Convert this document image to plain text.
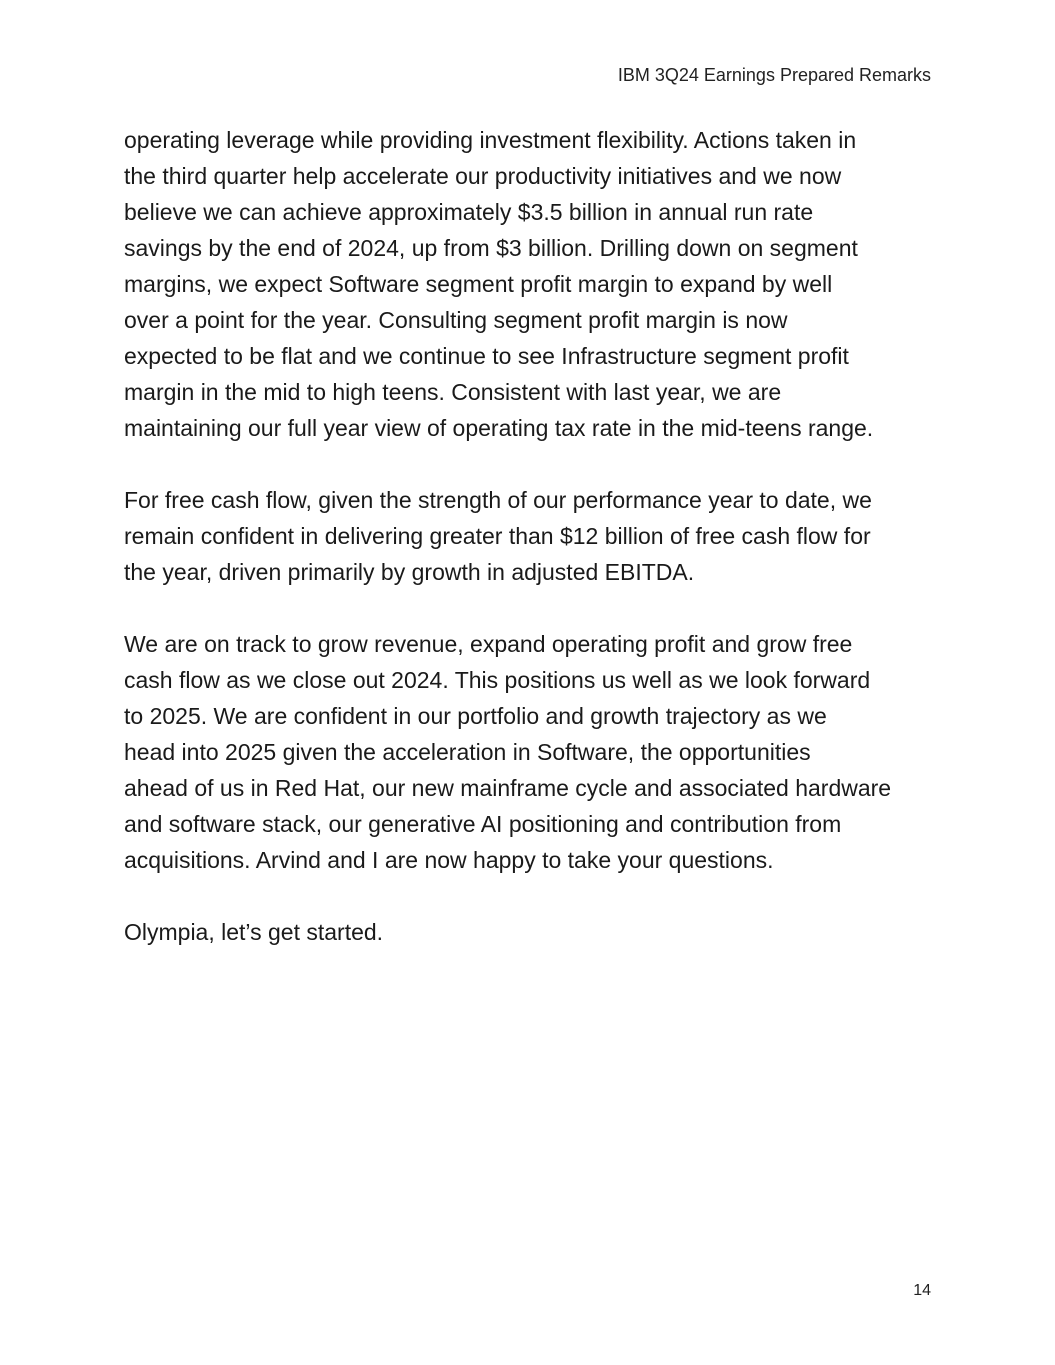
IBM 3Q24 Earnings Prepared Remarks

operating leverage while providing investment flexibility. Actions taken in
the third quarter help accelerate our productivity initiatives and we now
believe we can achieve approximately $3.5 billion in annual run rate
savings by the end of 2024, up from $3 billion. Drilling down on segment
margins, we expect Software segment profit margin to expand by well
over a point for the year. Consulting segment profit margin is now
expected to be flat and we continue to see Infrastructure segment profit
margin in the mid to high teens. Consistent with last year, we are
maintaining our full year view of operating tax rate in the mid-teens range.

For free cash flow, given the strength of our performance year to date, we
remain confident in delivering greater than $12 billion of free cash flow for
the year, driven primarily by growth in adjusted EBITDA.

We are on track to grow revenue, expand operating profit and grow free
cash flow as we close out 2024. This positions us well as we look forward
to 2025. We are confident in our portfolio and growth trajectory as we
head into 2025 given the acceleration in Software, the opportunities
ahead of us in Red Hat, our new mainframe cycle and associated hardware
and software stack, our generative AI positioning and contribution from
acquisitions. Arvind and I are now happy to take your questions.

Olympia, let’s get started.

14
